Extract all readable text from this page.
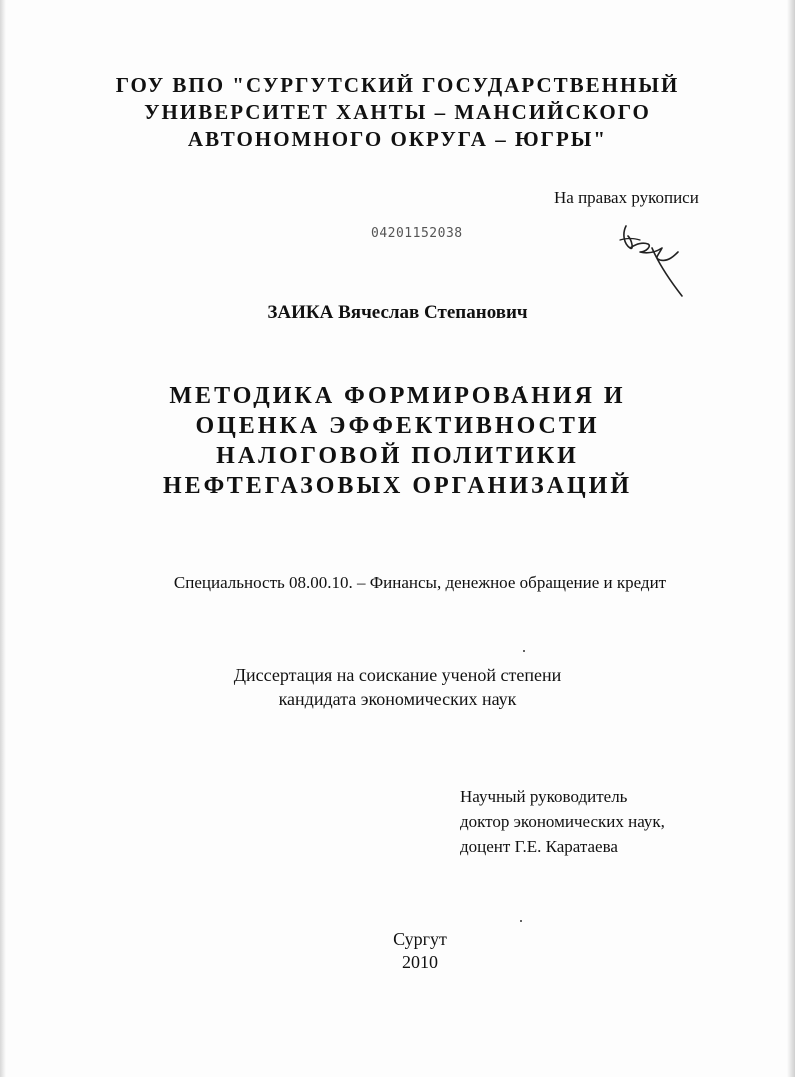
ГОУ ВПО "СУРГУТСКИЙ ГОСУДАРСТВЕННЫЙ
УНИВЕРСИТЕТ ХАНТЫ – МАНСИЙСКОГО
АВТОНОМНОГО ОКРУГА – ЮГРЫ"
На правах рукописи
04201152038
ЗАИКА Вячеслав Степанович
МЕТОДИКА ФОРМИРОВАНИЯ И
ОЦЕНКА ЭФФЕКТИВНОСТИ
НАЛОГОВОЙ ПОЛИТИКИ
НЕФТЕГАЗОВЫХ ОРГАНИЗАЦИЙ
Специальность 08.00.10. – Финансы, денежное обращение и кредит
Диссертация на соискание ученой степени
кандидата экономических наук
Научный руководитель
доктор экономических наук,
доцент Г.Е. Каратаева
Сургут
2010
